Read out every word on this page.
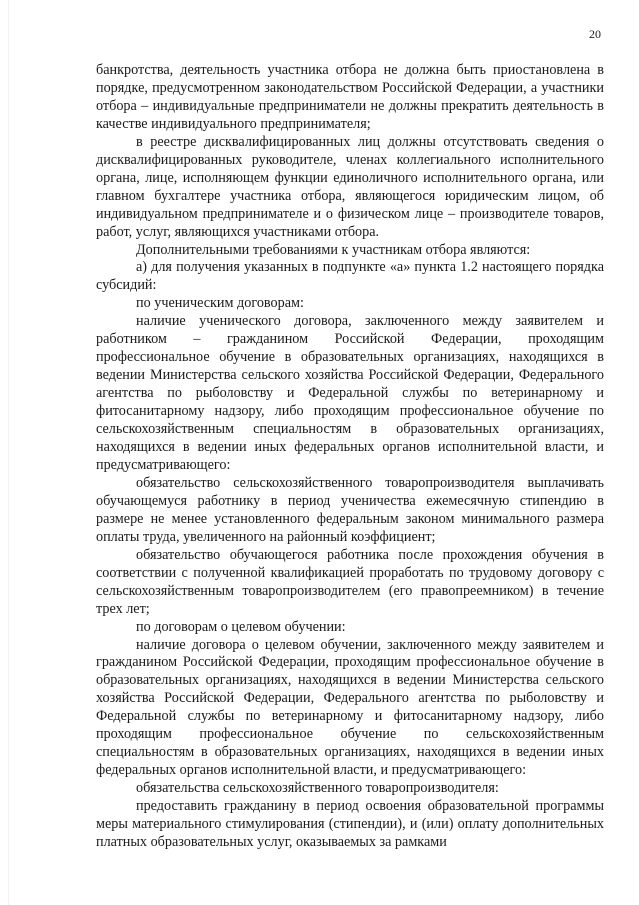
20

банкротства, деятельность участника отбора не должна быть приостановлена в порядке, предусмотренном законодательством Российской Федерации, а участники отбора – индивидуальные предприниматели не должны прекратить деятельность в качестве индивидуального предпринимателя;

в реестре дисквалифицированных лиц должны отсутствовать сведения о дисквалифицированных руководителе, членах коллегиального исполнительного органа, лице, исполняющем функции единоличного исполнительного органа, или главном бухгалтере участника отбора, являющегося юридическим лицом, об индивидуальном предпринимателе и о физическом лице – производителе товаров, работ, услуг, являющихся участниками отбора.

Дополнительными требованиями к участникам отбора являются:

а) для получения указанных в подпункте «а» пункта 1.2 настоящего порядка субсидий:

по ученическим договорам:

наличие ученического договора, заключенного между заявителем и работником – гражданином Российской Федерации, проходящим профессиональное обучение в образовательных организациях, находящихся в ведении Министерства сельского хозяйства Российской Федерации, Федерального агентства по рыболовству и Федеральной службы по ветеринарному и фитосанитарному надзору, либо проходящим профессиональное обучение по сельскохозяйственным специальностям в образовательных организациях, находящихся в ведении иных федеральных органов исполнительной власти, и предусматривающего:

обязательство сельскохозяйственного товаропроизводителя выплачивать обучающемуся работнику в период ученичества ежемесячную стипендию в размере не менее установленного федеральным законом минимального размера оплаты труда, увеличенного на районный коэффициент;

обязательство обучающегося работника после прохождения обучения в соответствии с полученной квалификацией проработать по трудовому договору с сельскохозяйственным товаропроизводителем (его правопреемником) в течение трех лет;

по договорам о целевом обучении:

наличие договора о целевом обучении, заключенного между заявителем и гражданином Российской Федерации, проходящим профессиональное обучение в образовательных организациях, находящихся в ведении Министерства сельского хозяйства Российской Федерации, Федерального агентства по рыболовству и Федеральной службы по ветеринарному и фитосанитарному надзору, либо проходящим профессиональное обучение по сельскохозяйственным специальностям в образовательных организациях, находящихся в ведении иных федеральных органов исполнительной власти, и предусматривающего:

обязательства сельскохозяйственного товаропроизводителя:

предоставить гражданину в период освоения образовательной программы меры материального стимулирования (стипендии), и (или) оплату дополнительных платных образовательных услуг, оказываемых за рамками
